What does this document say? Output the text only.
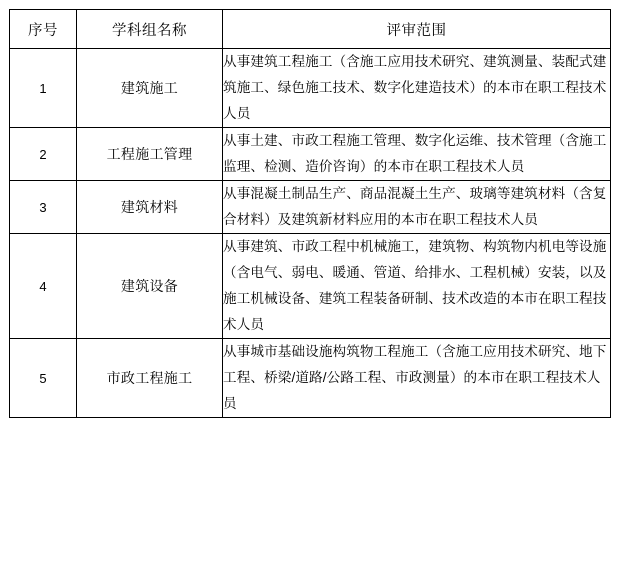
序号	学科组名称	评审范围
1	建筑施工	从事建筑工程施工（含施工应用技术研究、建筑测量、装配式建筑施工、绿色施工技术、数字化建造技术）的本市在职工程技术人员
2	工程施工管理	从事土建、市政工程施工管理、数字化运维、技术管理（含施工监理、检测、造价咨询）的本市在职工程技术人员
3	建筑材料	从事混凝土制品生产、商品混凝土生产、玻璃等建筑材料（含复合材料）及建筑新材料应用的本市在职工程技术人员
4	建筑设备	从事建筑、市政工程中机械施工，建筑物、构筑物内机电等设施（含电气、弱电、暖通、管道、给排水、工程机械）安装，以及施工机械设备、建筑工程装备研制、技术改造的本市在职工程技术人员
5	市政工程施工	从事城市基础设施构筑物工程施工（含施工应用技术研究、地下工程、桥梁/道路/公路工程、市政测量）的本市在职工程技术人员
